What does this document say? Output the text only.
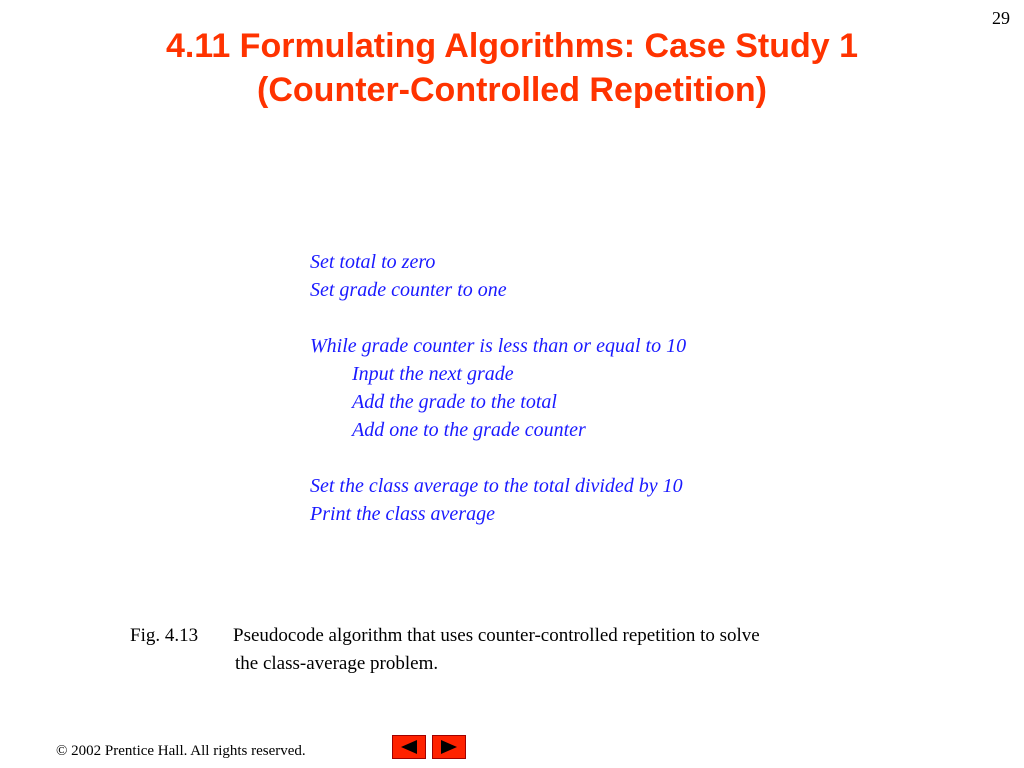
29
4.11 Formulating Algorithms: Case Study 1
(Counter-Controlled Repetition)
Set total to zero
Set grade counter to one
While grade counter is less than or equal to 10
Input the next grade
Add the grade to the total
Add one to the grade counter
Set the class average to the total divided by 10
Print the class average
Fig. 4.13 Pseudocode algorithm that uses counter-controlled repetition to solve
the class-average problem.
© 2002 Prentice Hall. All rights reserved.
